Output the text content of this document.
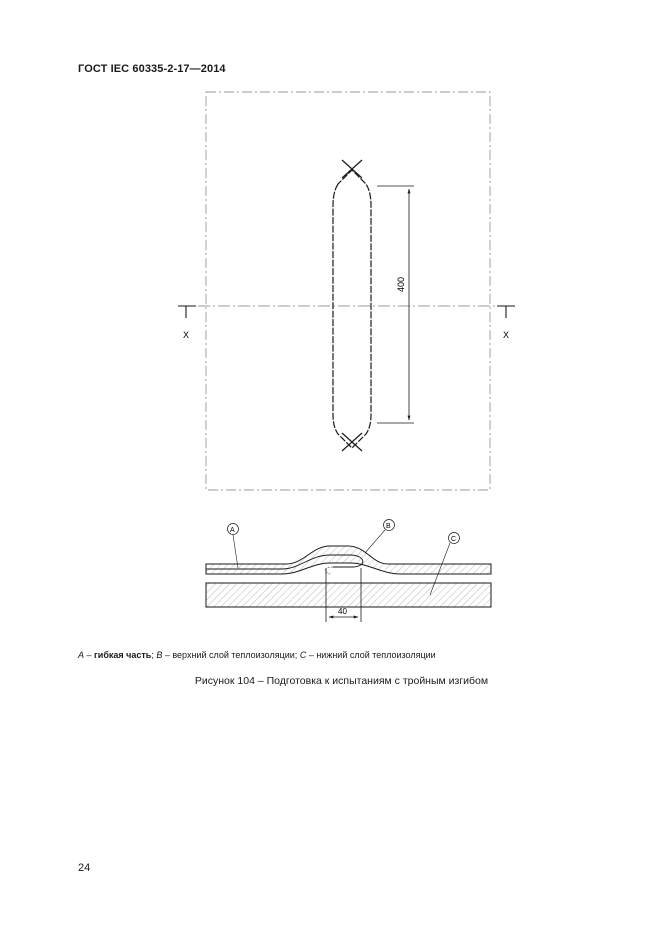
ГОСТ IEC 60335-2-17—2014
X	X
400
A
B
C
40
A – гибкая часть; B – верхний слой теплоизоляции; C – нижний слой теплоизоляции
Рисунок 104 – Подготовка к испытаниям с тройным изгибом
24
